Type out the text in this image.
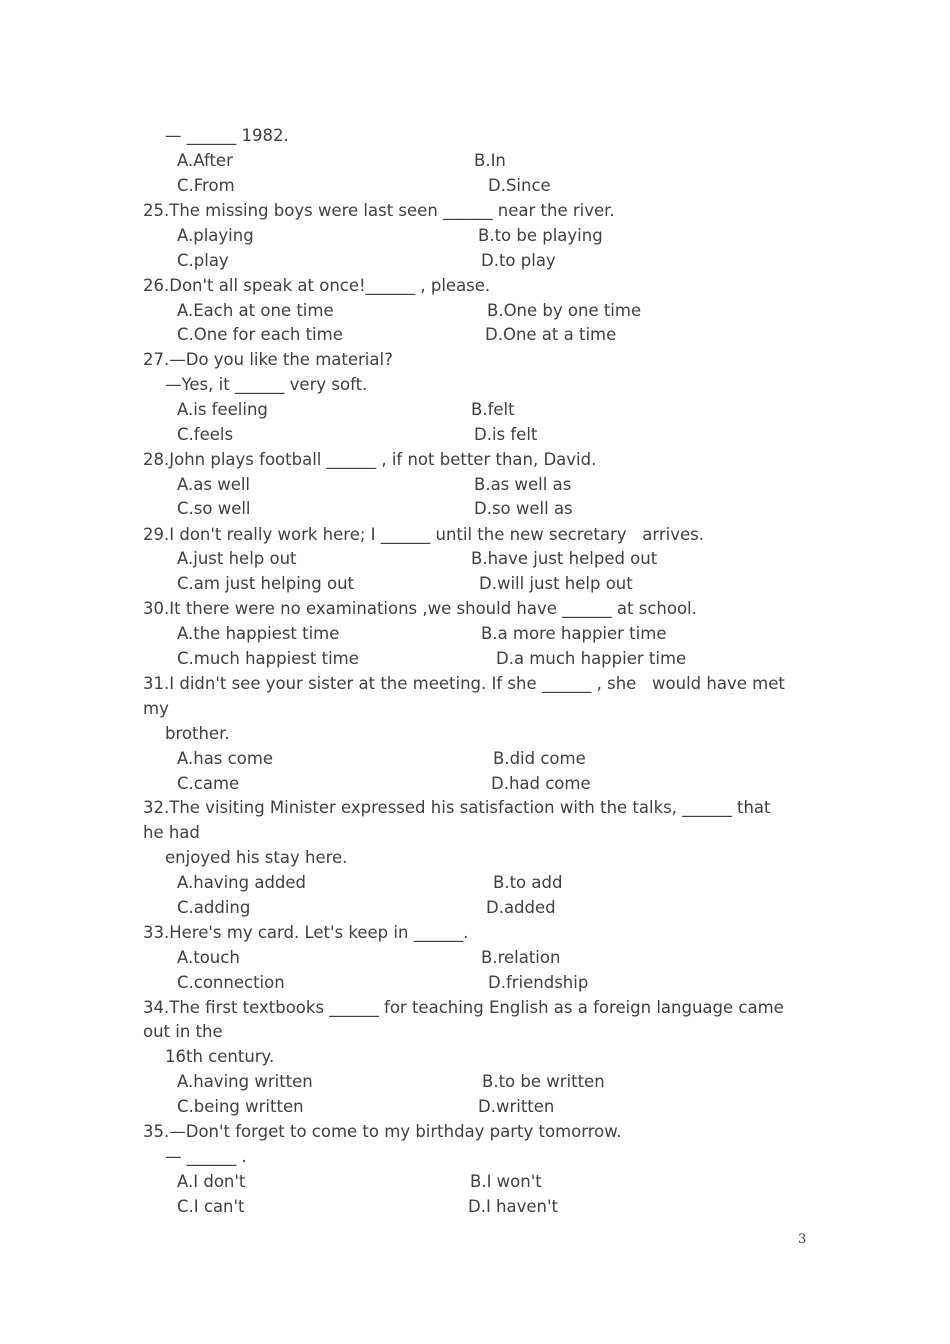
— ______ 1982.
A.After	B.In
C.From	D.Since
25.The missing boys were last seen ______ near the river.
A.playing	B.to be playing
C.play	D.to play
26.Don't all speak at once!______ , please.
A.Each at one time	B.One by one time
C.One for each time	D.One at a time
27.—Do you like the material?
—Yes, it ______ very soft.
A.is feeling	B.felt
C.feels	D.is felt
28.John plays football ______ , if not better than, David.
A.as well	B.as well as
C.so well	D.so well as
29.I don't really work here; I ______ until the new secretary   arrives.
A.just help out	B.have just helped out
C.am just helping out	D.will just help out
30.It there were no examinations ,we should have ______ at school.
A.the happiest time	B.a more happier time
C.much happiest time	D.a much happier time
31.I didn't see your sister at the meeting. If she ______ , she   would have met
my
brother.
A.has come	B.did come
C.came	D.had come
32.The visiting Minister expressed his satisfaction with the talks, ______ that
he had
enjoyed his stay here.
A.having added	B.to add
C.adding	D.added
33.Here's my card. Let's keep in ______.
A.touch	B.relation
C.connection	D.friendship
34.The first textbooks ______ for teaching English as a foreign language came
out in the
16th century.
A.having written	B.to be written
C.being written	D.written
35.—Don't forget to come to my birthday party tomorrow.
— ______ .
A.I don't	B.I won't
C.I can't	D.I haven't
3
